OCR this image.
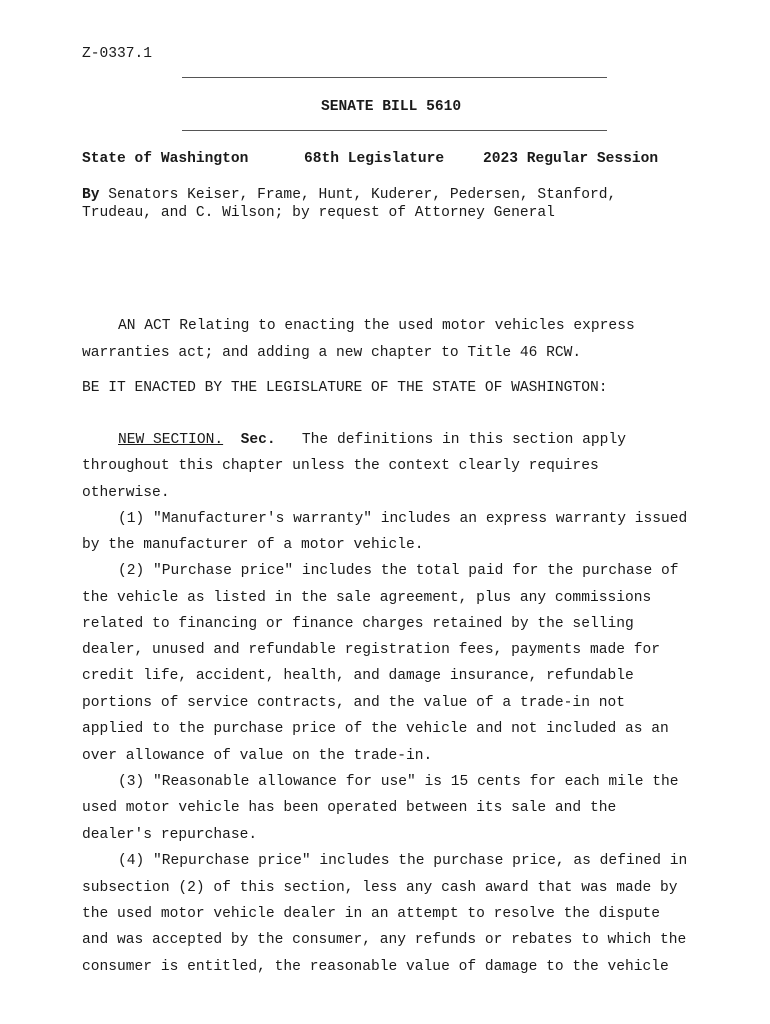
Z-0337.1
SENATE BILL 5610
State of Washington	68th Legislature	2023 Regular Session
By Senators Keiser, Frame, Hunt, Kuderer, Pedersen, Stanford,
Trudeau, and C. Wilson; by request of Attorney General
AN ACT Relating to enacting the used motor vehicles express
warranties act; and adding a new chapter to Title 46 RCW.
BE IT ENACTED BY THE LEGISLATURE OF THE STATE OF WASHINGTON:
NEW SECTION. Sec. The definitions in this section apply
throughout this chapter unless the context clearly requires
otherwise.
(1) "Manufacturer's warranty" includes an express warranty issued
by the manufacturer of a motor vehicle.
(2) "Purchase price" includes the total paid for the purchase of
the vehicle as listed in the sale agreement, plus any commissions
related to financing or finance charges retained by the selling
dealer, unused and refundable registration fees, payments made for
credit life, accident, health, and damage insurance, refundable
portions of service contracts, and the value of a trade-in not
applied to the purchase price of the vehicle and not included as an
over allowance of value on the trade-in.
(3) "Reasonable allowance for use" is 15 cents for each mile the
used motor vehicle has been operated between its sale and the
dealer's repurchase.
(4) "Repurchase price" includes the purchase price, as defined in
subsection (2) of this section, less any cash award that was made by
the used motor vehicle dealer in an attempt to resolve the dispute
and was accepted by the consumer, any refunds or rebates to which the
consumer is entitled, the reasonable value of damage to the vehicle
